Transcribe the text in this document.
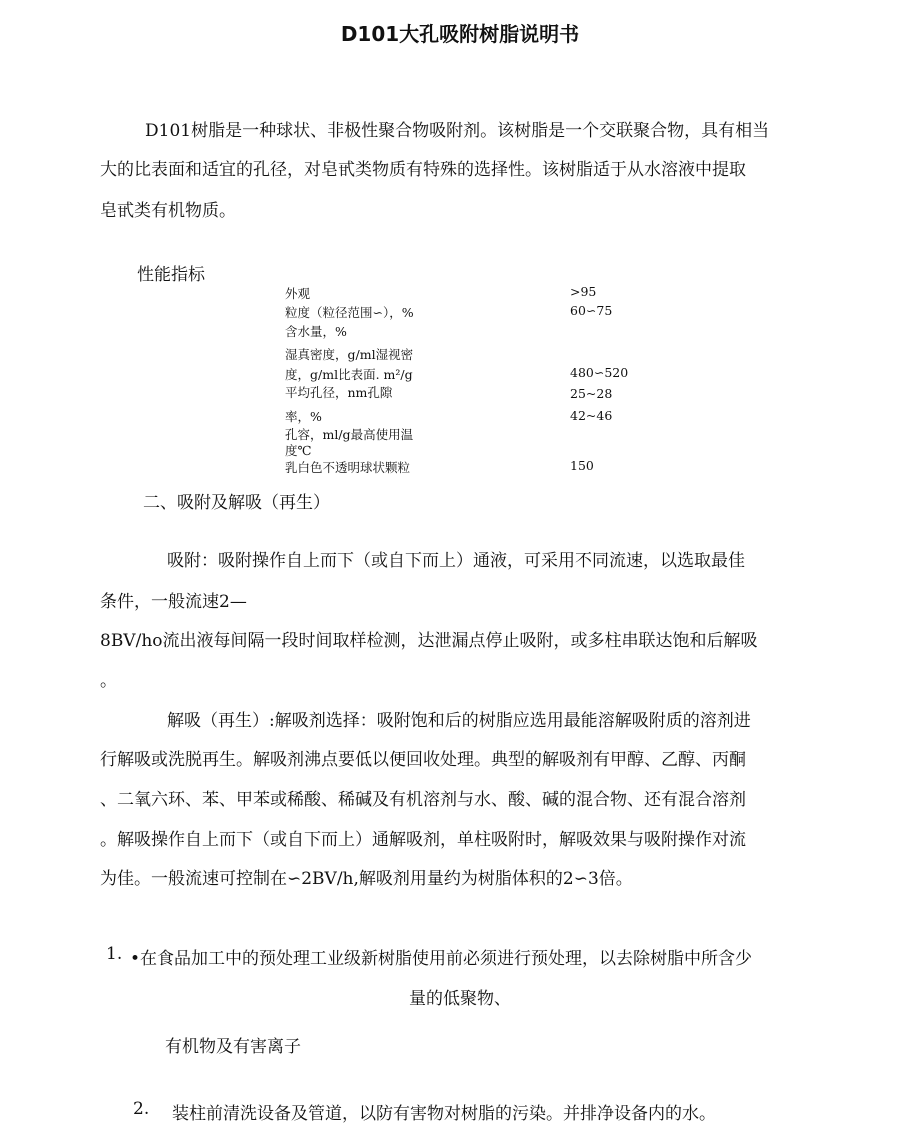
D101大孔吸附树脂说明书
D101树脂是一种球状、非极性聚合物吸附剂。该树脂是一个交联聚合物，具有相当
大的比表面和适宜的孔径，对皂甙类物质有特殊的选择性。该树脂适于从水溶液中提取
皂甙类有机物质。
性能指标
外观
粒度（粒径范围∽），%
含水量，%
湿真密度，g/ml湿视密
度，g/ml比表面. m²/g
平均孔径，nm孔隙
率，%
孔容，ml/g最高使用温
度℃
乳白色不透明球状颗粒
>95
60∽75
480∽520
25~28
42~46
150
二、吸附及解吸（再生）
吸附：吸附操作自上而下（或自下而上）通液，可采用不同流速，以选取最佳
条件，一般流速2—
8BV/ho流出液每间隔一段时间取样检测，达泄漏点停止吸附，或多柱串联达饱和后解吸
。
解吸（再生）:解吸剂选择：吸附饱和后的树脂应选用最能溶解吸附质的溶剂进
行解吸或洗脱再生。解吸剂沸点要低以便回收处理。典型的解吸剂有甲醇、乙醇、丙酮
、二氧六环、苯、甲苯或稀酸、稀碱及有机溶剂与水、酸、碱的混合物、还有混合溶剂
。解吸操作自上而下（或自下而上）通解吸剂，单柱吸附时，解吸效果与吸附操作对流
为佳。一般流速可控制在∽2BV/h,解吸剂用量约为树脂体积的2∽3倍。
1. •在食品加工中的预处理工业级新树脂使用前必须进行预处理，以去除树脂中所含少
量的低聚物、
有机物及有害离子
2. 装柱前清洗设备及管道，以防有害物对树脂的污染。并排净设备内的水。
